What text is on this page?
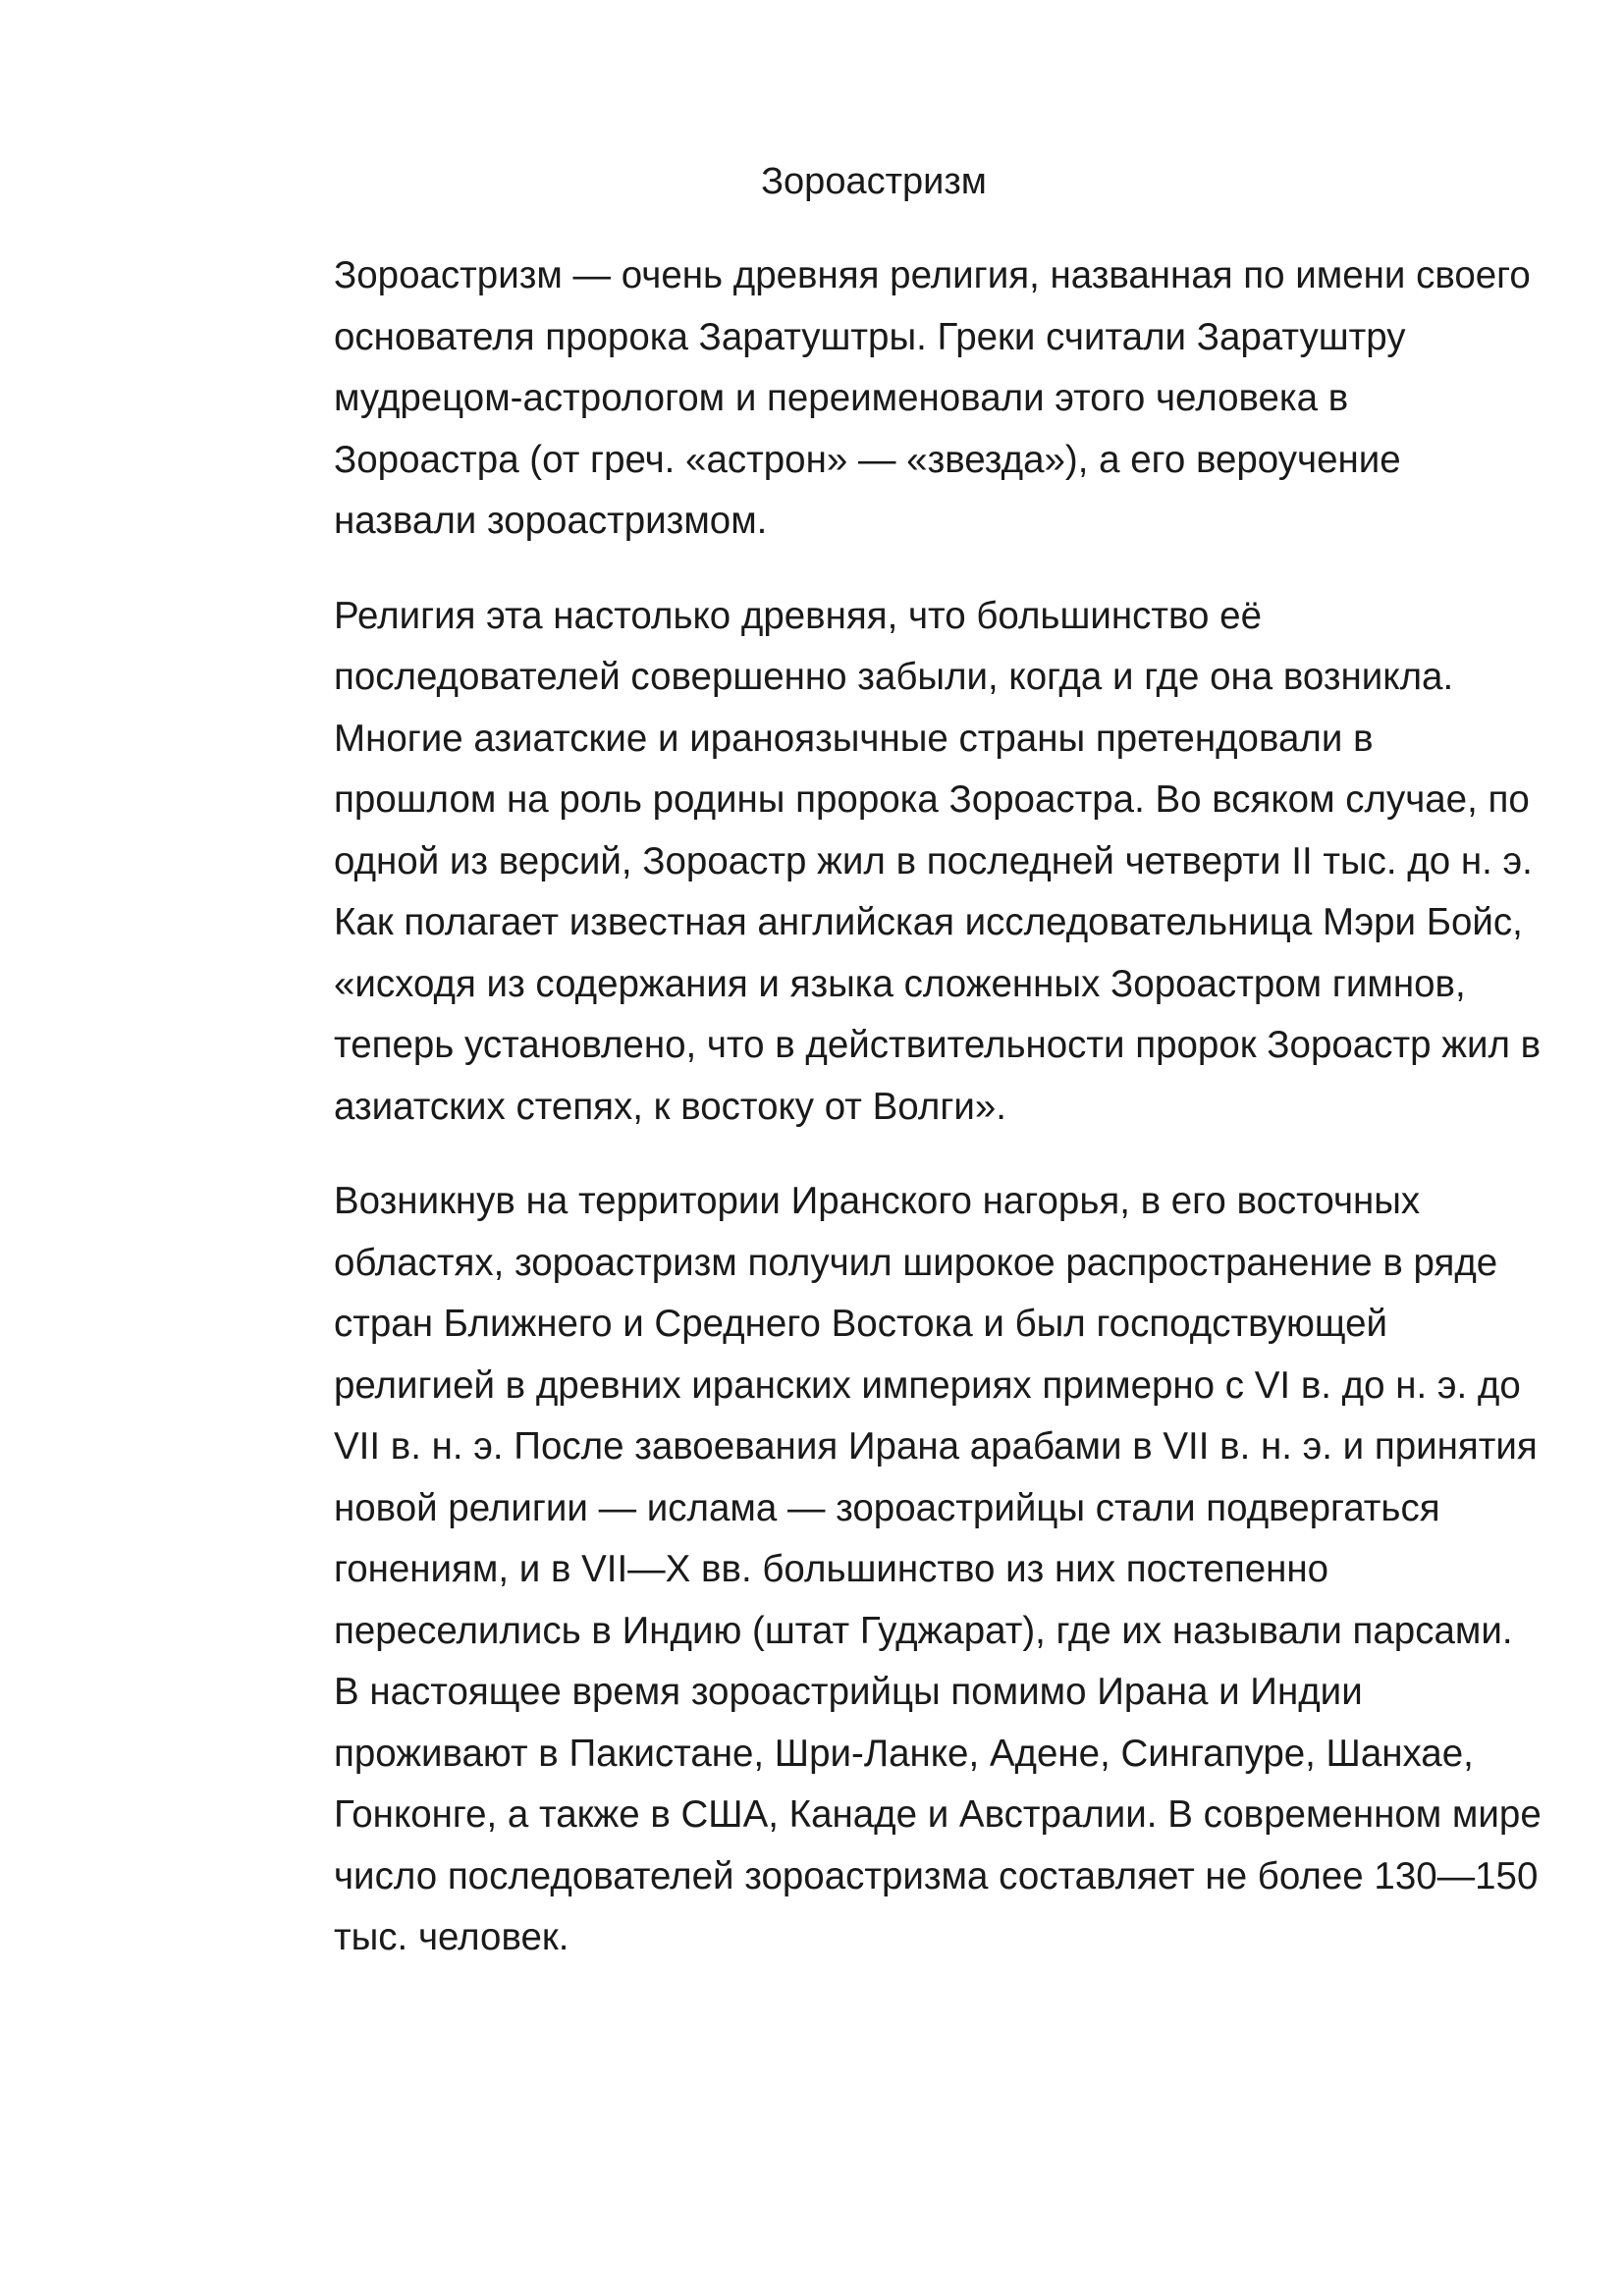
Зороастризм

Зороастризм — очень древняя религия, названная по имени своего основателя пророка Заратуштры. Греки считали Заратуштру мудрецом-астрологом и переименовали этого человека в Зороастра (от греч. «астрон» — «звезда»), а его вероучение назвали зороастризмом.

Религия эта настолько древняя, что большинство её последователей совершенно забыли, когда и где она возникла. Многие азиатские и ираноязычные страны претендовали в прошлом на роль родины пророка Зороастра. Во всяком случае, по одной из версий, Зороастр жил в последней четверти II тыс. до н. э. Как полагает известная английская исследовательница Мэри Бойс, «исходя из содержания и языка сложенных Зороастром гимнов, теперь установлено, что в действительности пророк Зороастр жил в азиатских степях, к востоку от Волги».

Возникнув на территории Иранского нагорья, в его восточных областях, зороастризм получил широкое распространение в ряде стран Ближнего и Среднего Востока и был господствующей религией в древних иранских империях примерно с VI в. до н. э. до VII в. н. э. После завоевания Ирана арабами в VII в. н. э. и принятия новой религии — ислама — зороастрийцы стали подвергаться гонениям, и в VII—X вв. большинство из них постепенно переселились в Индию (штат Гуджарат), где их называли парсами. В настоящее время зороастрийцы помимо Ирана и Индии проживают в Пакистане, Шри-Ланке, Адене, Сингапуре, Шанхае, Гонконге, а также в США, Канаде и Австралии. В современном мире число последователей зороастризма составляет не более 130—150 тыс. человек.
